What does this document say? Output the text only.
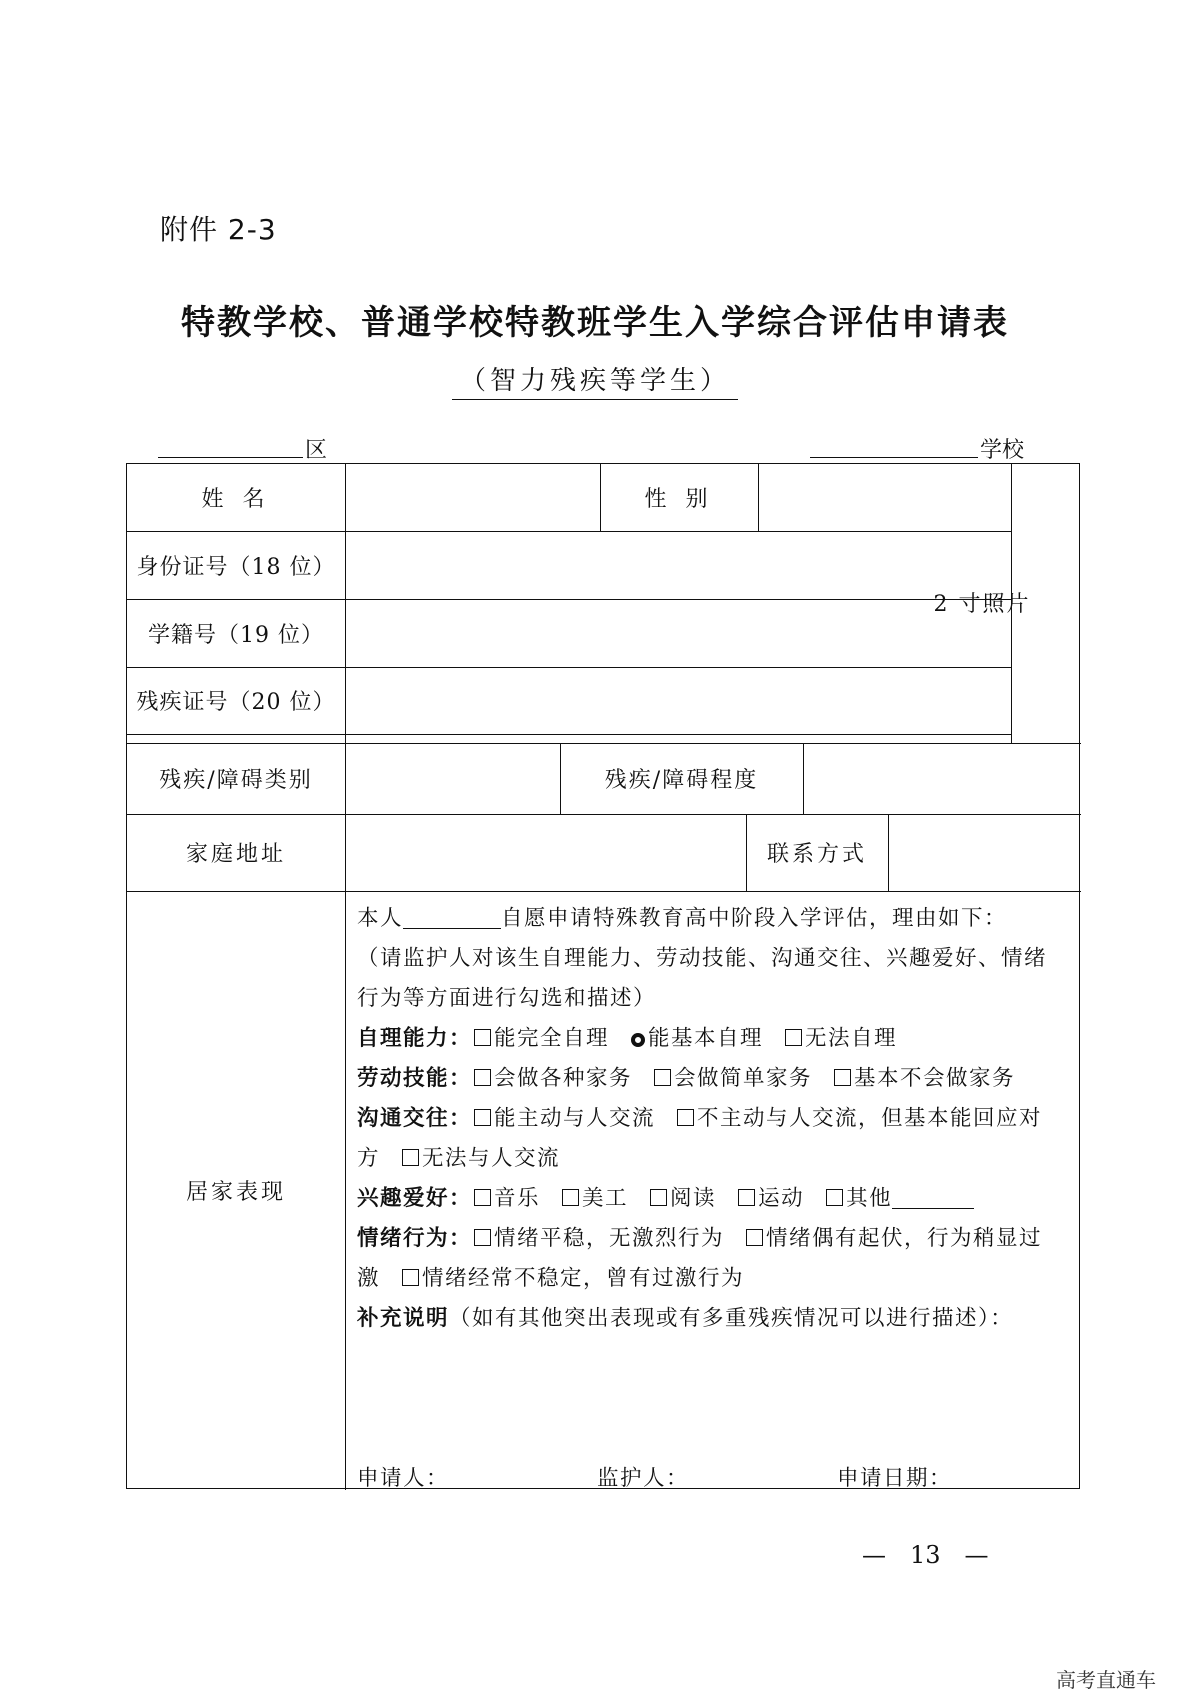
附件 2-3
特教学校、普通学校特教班学生入学综合评估申请表
（智力残疾等学生）
区	学校
姓 名	性 别
身份证号（18 位）
学籍号（19 位）
残疾证号（20 位）
残疾/障碍类别	残疾/障碍程度
家庭地址	联系方式
居家表现
本人	自愿申请特殊教育高中阶段入学评估，理由如下：
（请监护人对该生自理能力、劳动技能、沟通交往、兴趣爱好、情绪
行为等方面进行勾选和描述）
自理能力： 能完全自理 能基本自理 无法自理
劳动技能： 会做各种家务 会做简单家务 基本不会做家务
沟通交往： 能主动与人交流 不主动与人交流，但基本能回应对
方 无法与人交流
兴趣爱好： 音乐 美工 阅读 运动 其他
情绪行为： 情绪平稳，无激烈行为 情绪偶有起伏，行为稍显过
激 情绪经常不稳定，曾有过激行为
补充说明（如有其他突出表现或有多重残疾情况可以进行描述）：
申请人：	监护人：	申请日期：
2 寸照片
—　13　—
高考直通车
